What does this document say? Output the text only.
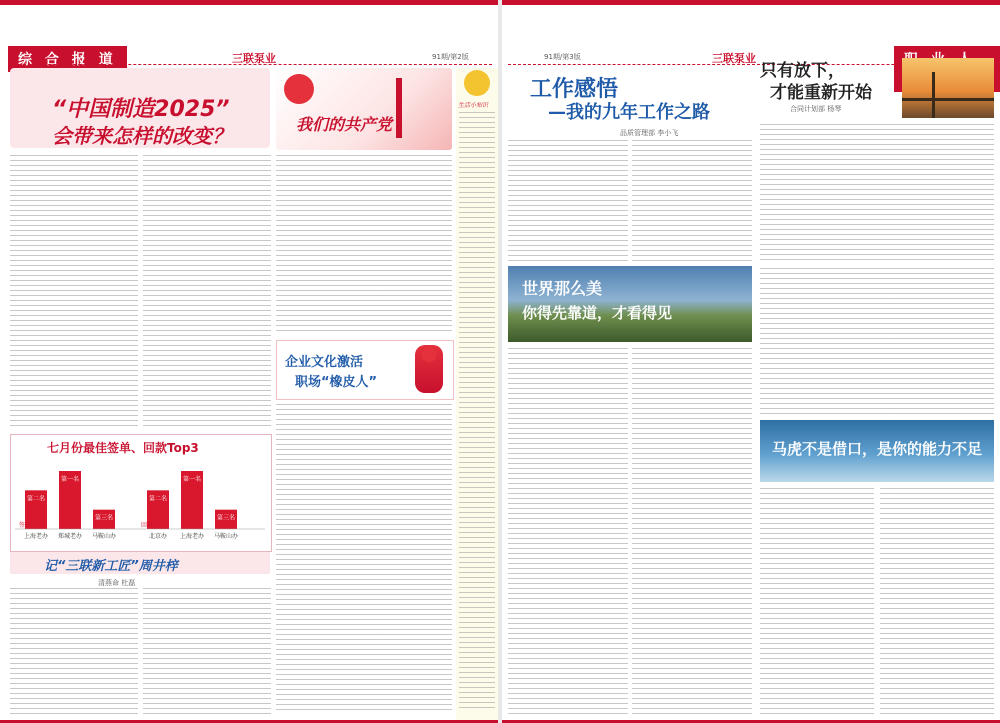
综 合 报 道	三联泵业	91期/第2版
“中国制造2025”
会带来怎样的改变？	我们的共产党
生活小知识
企业文化激活
职场“橡皮人”
七月份最佳签单、回款Top3
第二名
上海老办
第一名
郑城老办
第三名
马鞍山办
签单
第二名
北京办
第一名
上海老办
第三名
马鞍山办
回款
记“三联新工匠”周井梓
清燕命 杜磊
91期/第3版	三联泵业
工作感悟
—我的九年工作之路
品质管理部 李小飞
世界那么美
你得先靠道，才看得见
只有放下，
才能重新开始
合同计划部 杨琴
马虎不是借口，是你的能力不足
